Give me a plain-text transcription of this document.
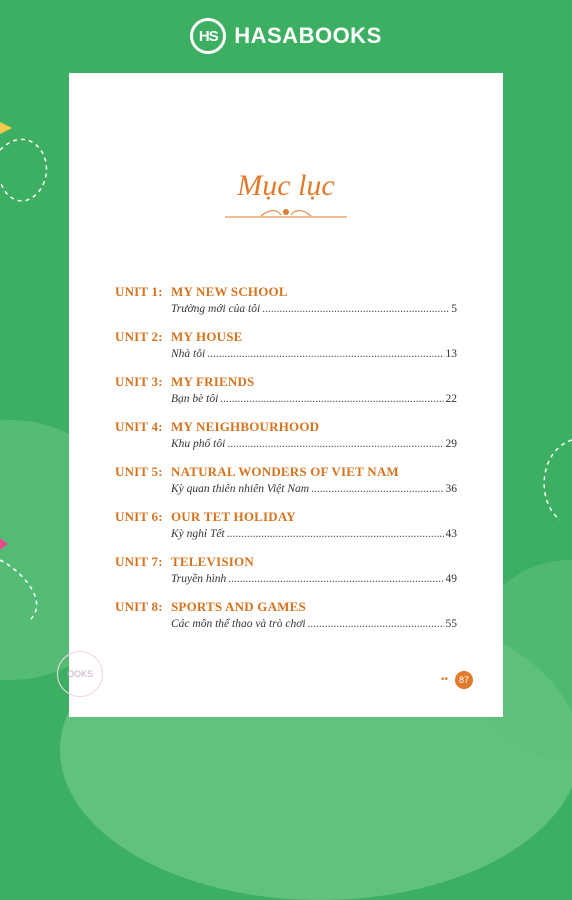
HS HASABOOKS
Mục lục
UNIT 1: MY NEW SCHOOL
Trường mới của tôi .....	5
UNIT 2: MY HOUSE
Nhà tôi .....	13
UNIT 3: MY FRIENDS
Bạn bè tôi .....	22
UNIT 4: MY NEIGHBOURHOOD
Khu phố tôi .....	29
UNIT 5: NATURAL WONDERS OF VIET NAM
Kỳ quan thiên nhiên Việt Nam .....	36
UNIT 6: OUR TET HOLIDAY
Kỳ nghỉ Tết .....	43
UNIT 7: TELEVISION
Truyền hình .....	49
UNIT 8: SPORTS AND GAMES
Các môn thể thao và trò chơi .....	55
OOKS	••	87
